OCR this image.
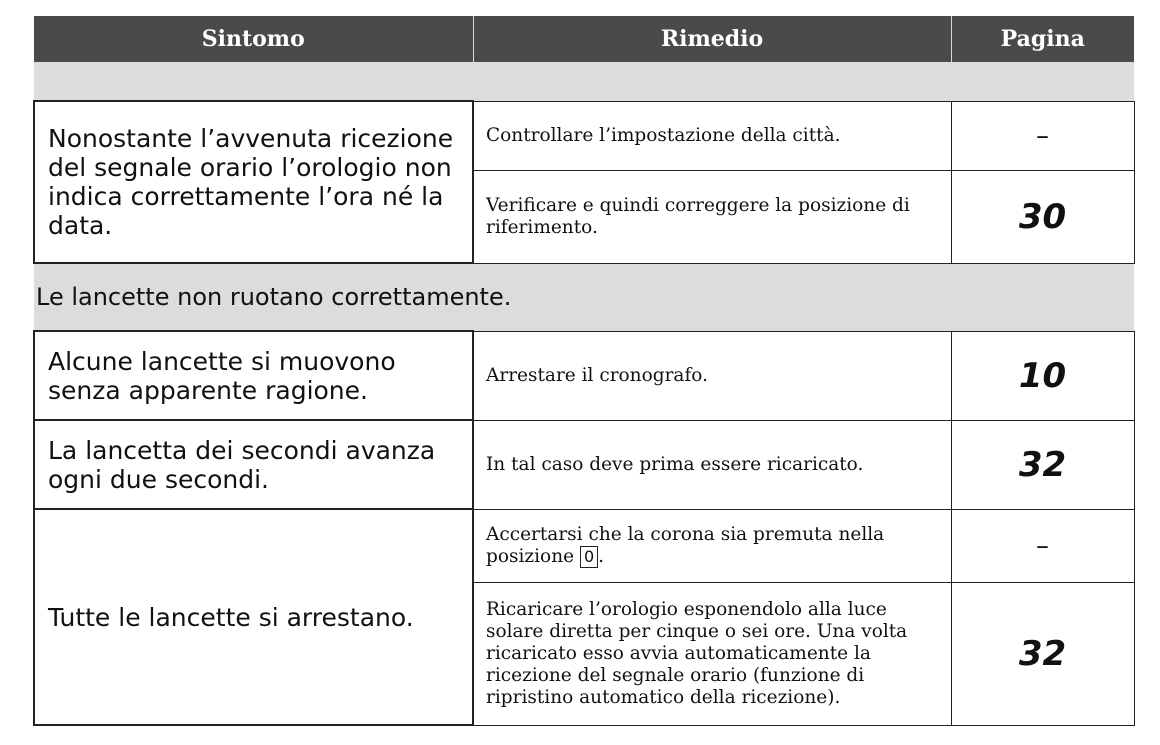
Sintomo	Rimedio	Pagina

Nonostante l’avvenuta ricezione del segnale orario l’orologio non indica correttamente l’ora né la data.	Controllare l’impostazione della città.	–
	Verificare e quindi correggere la posizione di riferimento.	30
Le lancette non ruotano correttamente.		
Alcune lancette si muovono senza apparente ragione.	Arrestare il cronografo.	10
La lancetta dei secondi avanza ogni due secondi.	In tal caso deve prima essere ricaricato.	32
Tutte le lancette si arrestano.	Accertarsi che la corona sia premuta nella posizione 0 .	–
	Ricaricare l’orologio esponendolo alla luce solare diretta per cinque o sei ore. Una volta ricaricato esso avvia automaticamente la ricezione del segnale orario (funzione di ripristino automatico della ricezione).	32
